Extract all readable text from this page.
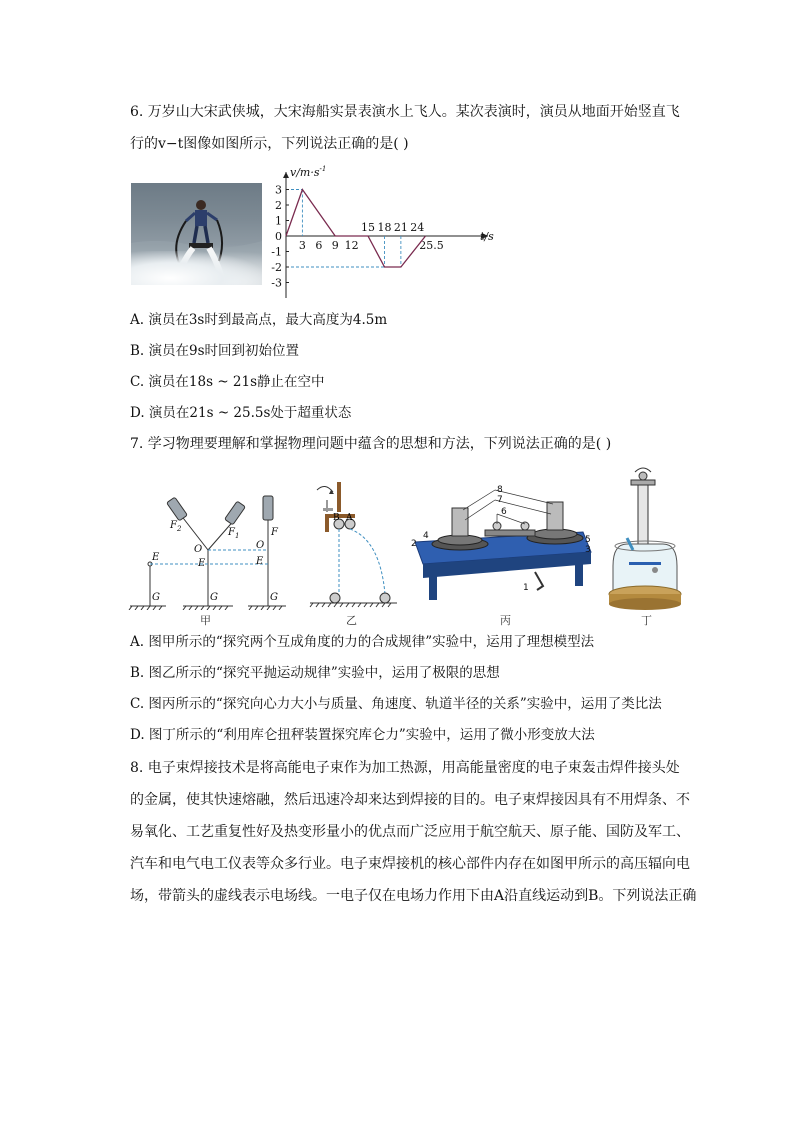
6. 万岁山大宋武侠城，大宋海船实景表演水上飞人。某次表演时，演员从地面开始竖直飞
行的v−t图像如图所示，下列说法正确的是( )
$v/m\cdot s^{-1}$
t/s
3
2
1
0
-1
-2
-3
15 18 21 24
3 6 9 12	25.5
A. 演员在3s时到最高点，最大高度为4.5m
B. 演员在9s时回到初始位置
C. 演员在18s ~ 21s静止在空中
D. 演员在21s ~ 25.5s处于超重状态
7. 学习物理要理解和掌握物理问题中蕴含的思想和方法，下列说法正确的是( )
F 2	F 1
O
E
G
F
O
E	E
G	G
甲
B A
乙
8
7
6
4
2	5
3
1
丙	丁
A. 图甲所示的“探究两个互成角度的力的合成规律”实验中，运用了理想模型法
B. 图乙所示的“探究平抛运动规律”实验中，运用了极限的思想
C. 图丙所示的“探究向心力大小与质量、角速度、轨道半径的关系”实验中，运用了类比法
D. 图丁所示的“利用库仑扭秤装置探究库仑力”实验中，运用了微小形变放大法
8. 电子束焊接技术是将高能电子束作为加工热源，用高能量密度的电子束轰击焊件接头处
的金属，使其快速熔融，然后迅速冷却来达到焊接的目的。电子束焊接因具有不用焊条、不
易氧化、工艺重复性好及热变形量小的优点而广泛应用于航空航天、原子能、国防及军工、
汽车和电气电工仪表等众多行业。电子束焊接机的核心部件内存在如图甲所示的高压辐向电
场，带箭头的虚线表示电场线。一电子仅在电场力作用下由A沿直线运动到B。下列说法正确
